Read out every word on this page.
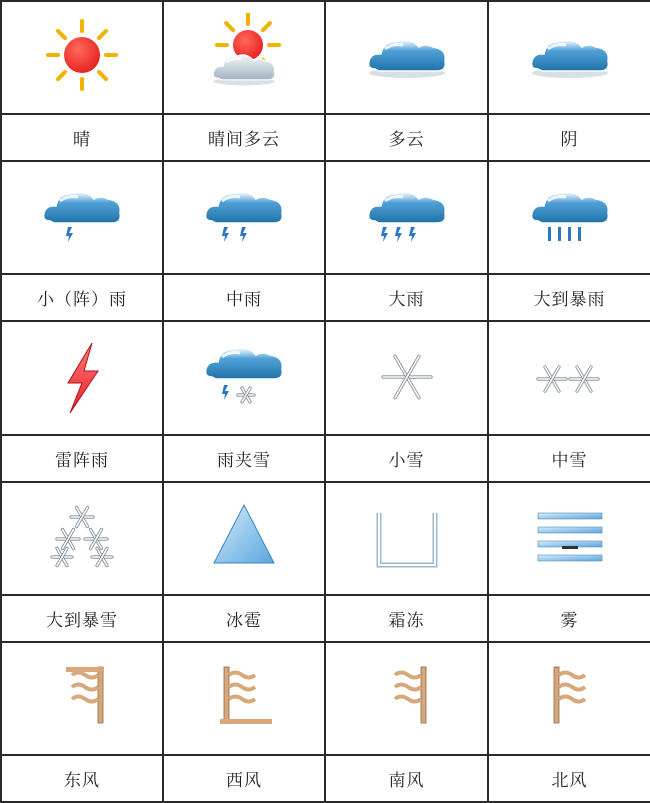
晴	晴间多云	多云	阴

小（阵）雨	中雨	大雨	大到暴雨

雷阵雨	雨夹雪	小雪	中雪

大到暴雪	冰雹	霜冻	雾

东风	西风	南风	北风
